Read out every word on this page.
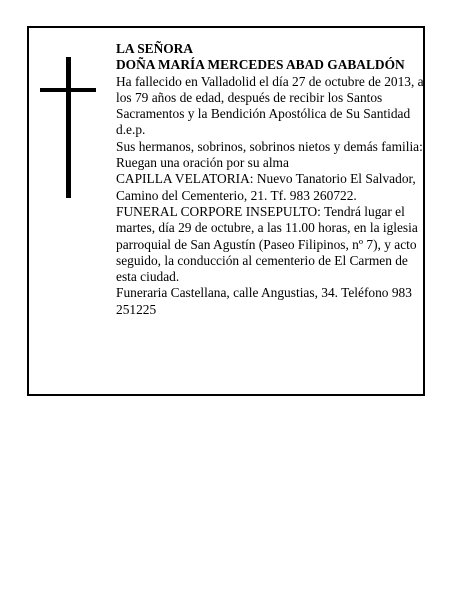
LA SEÑORA

DOÑA MARÍA MERCEDES ABAD GABALDÓN

Ha fallecido en Valladolid el día 27 de octubre de 2013, a los 79 años de edad, después de recibir los Santos Sacramentos y la Bendición Apostólica de Su Santidad d.e.p.

Sus hermanos, sobrinos, sobrinos nietos y demás familia:

Ruegan una oración por su alma

CAPILLA VELATORIA: Nuevo Tanatorio El Salvador, Camino del Cementerio, 21. Tf. 983 260722.

FUNERAL CORPORE INSEPULTO: Tendrá lugar el martes, día 29 de octubre, a las 11.00 horas, en la iglesia parroquial de San Agustín (Paseo Filipinos, nº 7), y acto seguido, la conducción al cementerio de El Carmen de esta ciudad.

Funeraria Castellana, calle Angustias, 34. Teléfono 983 251225
